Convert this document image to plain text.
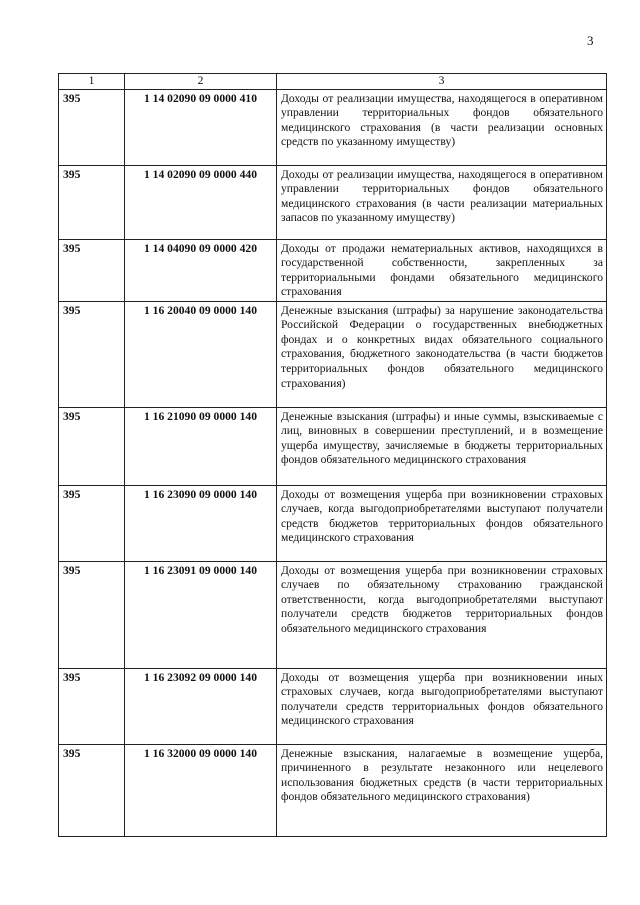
3
1	2	3
395	1 14 02090 09 0000 410	Доходы от реализации имущества, находящегося в оперативном управлении территориальных фондов обязательного медицинского страхования (в части реализации основных средств по указанному имуществу)
395	1 14 02090 09 0000 440	Доходы от реализации имущества, находящегося в оперативном управлении территориальных фондов обязательного медицинского страхования (в части реализации материальных запасов по указанному имуществу)
395	1 14 04090 09 0000 420	Доходы от продажи нематериальных активов, находящихся в государственной собственности, закрепленных за территориальными фондами обязательного медицинского страхования
395	1 16 20040 09 0000 140	Денежные взыскания (штрафы) за нарушение законодательства Российской Федерации о государственных внебюджетных фондах и о конкретных видах обязательного социального страхования, бюджетного законодательства (в части бюджетов территориальных фондов обязательного медицинского страхования)
395	1 16 21090 09 0000 140	Денежные взыскания (штрафы) и иные суммы, взыскиваемые с лиц, виновных в совершении преступлений, и в возмещение ущерба имуществу, зачисляемые в бюджеты территориальных фондов обязательного медицинского страхования
395	1 16 23090 09 0000 140	Доходы от возмещения ущерба при возникновении страховых случаев, когда выгодоприобретателями выступают получатели средств бюджетов территориальных фондов обязательного медицинского страхования
395	1 16 23091 09 0000 140	Доходы от возмещения ущерба при возникновении страховых случаев по обязательному страхованию гражданской ответственности, когда выгодоприобретателями выступают получатели средств бюджетов территориальных фондов обязательного медицинского страхования
395	1 16 23092 09 0000 140	Доходы от возмещения ущерба при возникновении иных страховых случаев, когда выгодоприобретателями выступают получатели средств территориальных фондов обязательного медицинского страхования
395	1 16 32000 09 0000 140	Денежные взыскания, налагаемые в возмещение ущерба, причиненного в результате незаконного или нецелевого использования бюджетных средств (в части территориальных фондов обязательного медицинского страхования)
